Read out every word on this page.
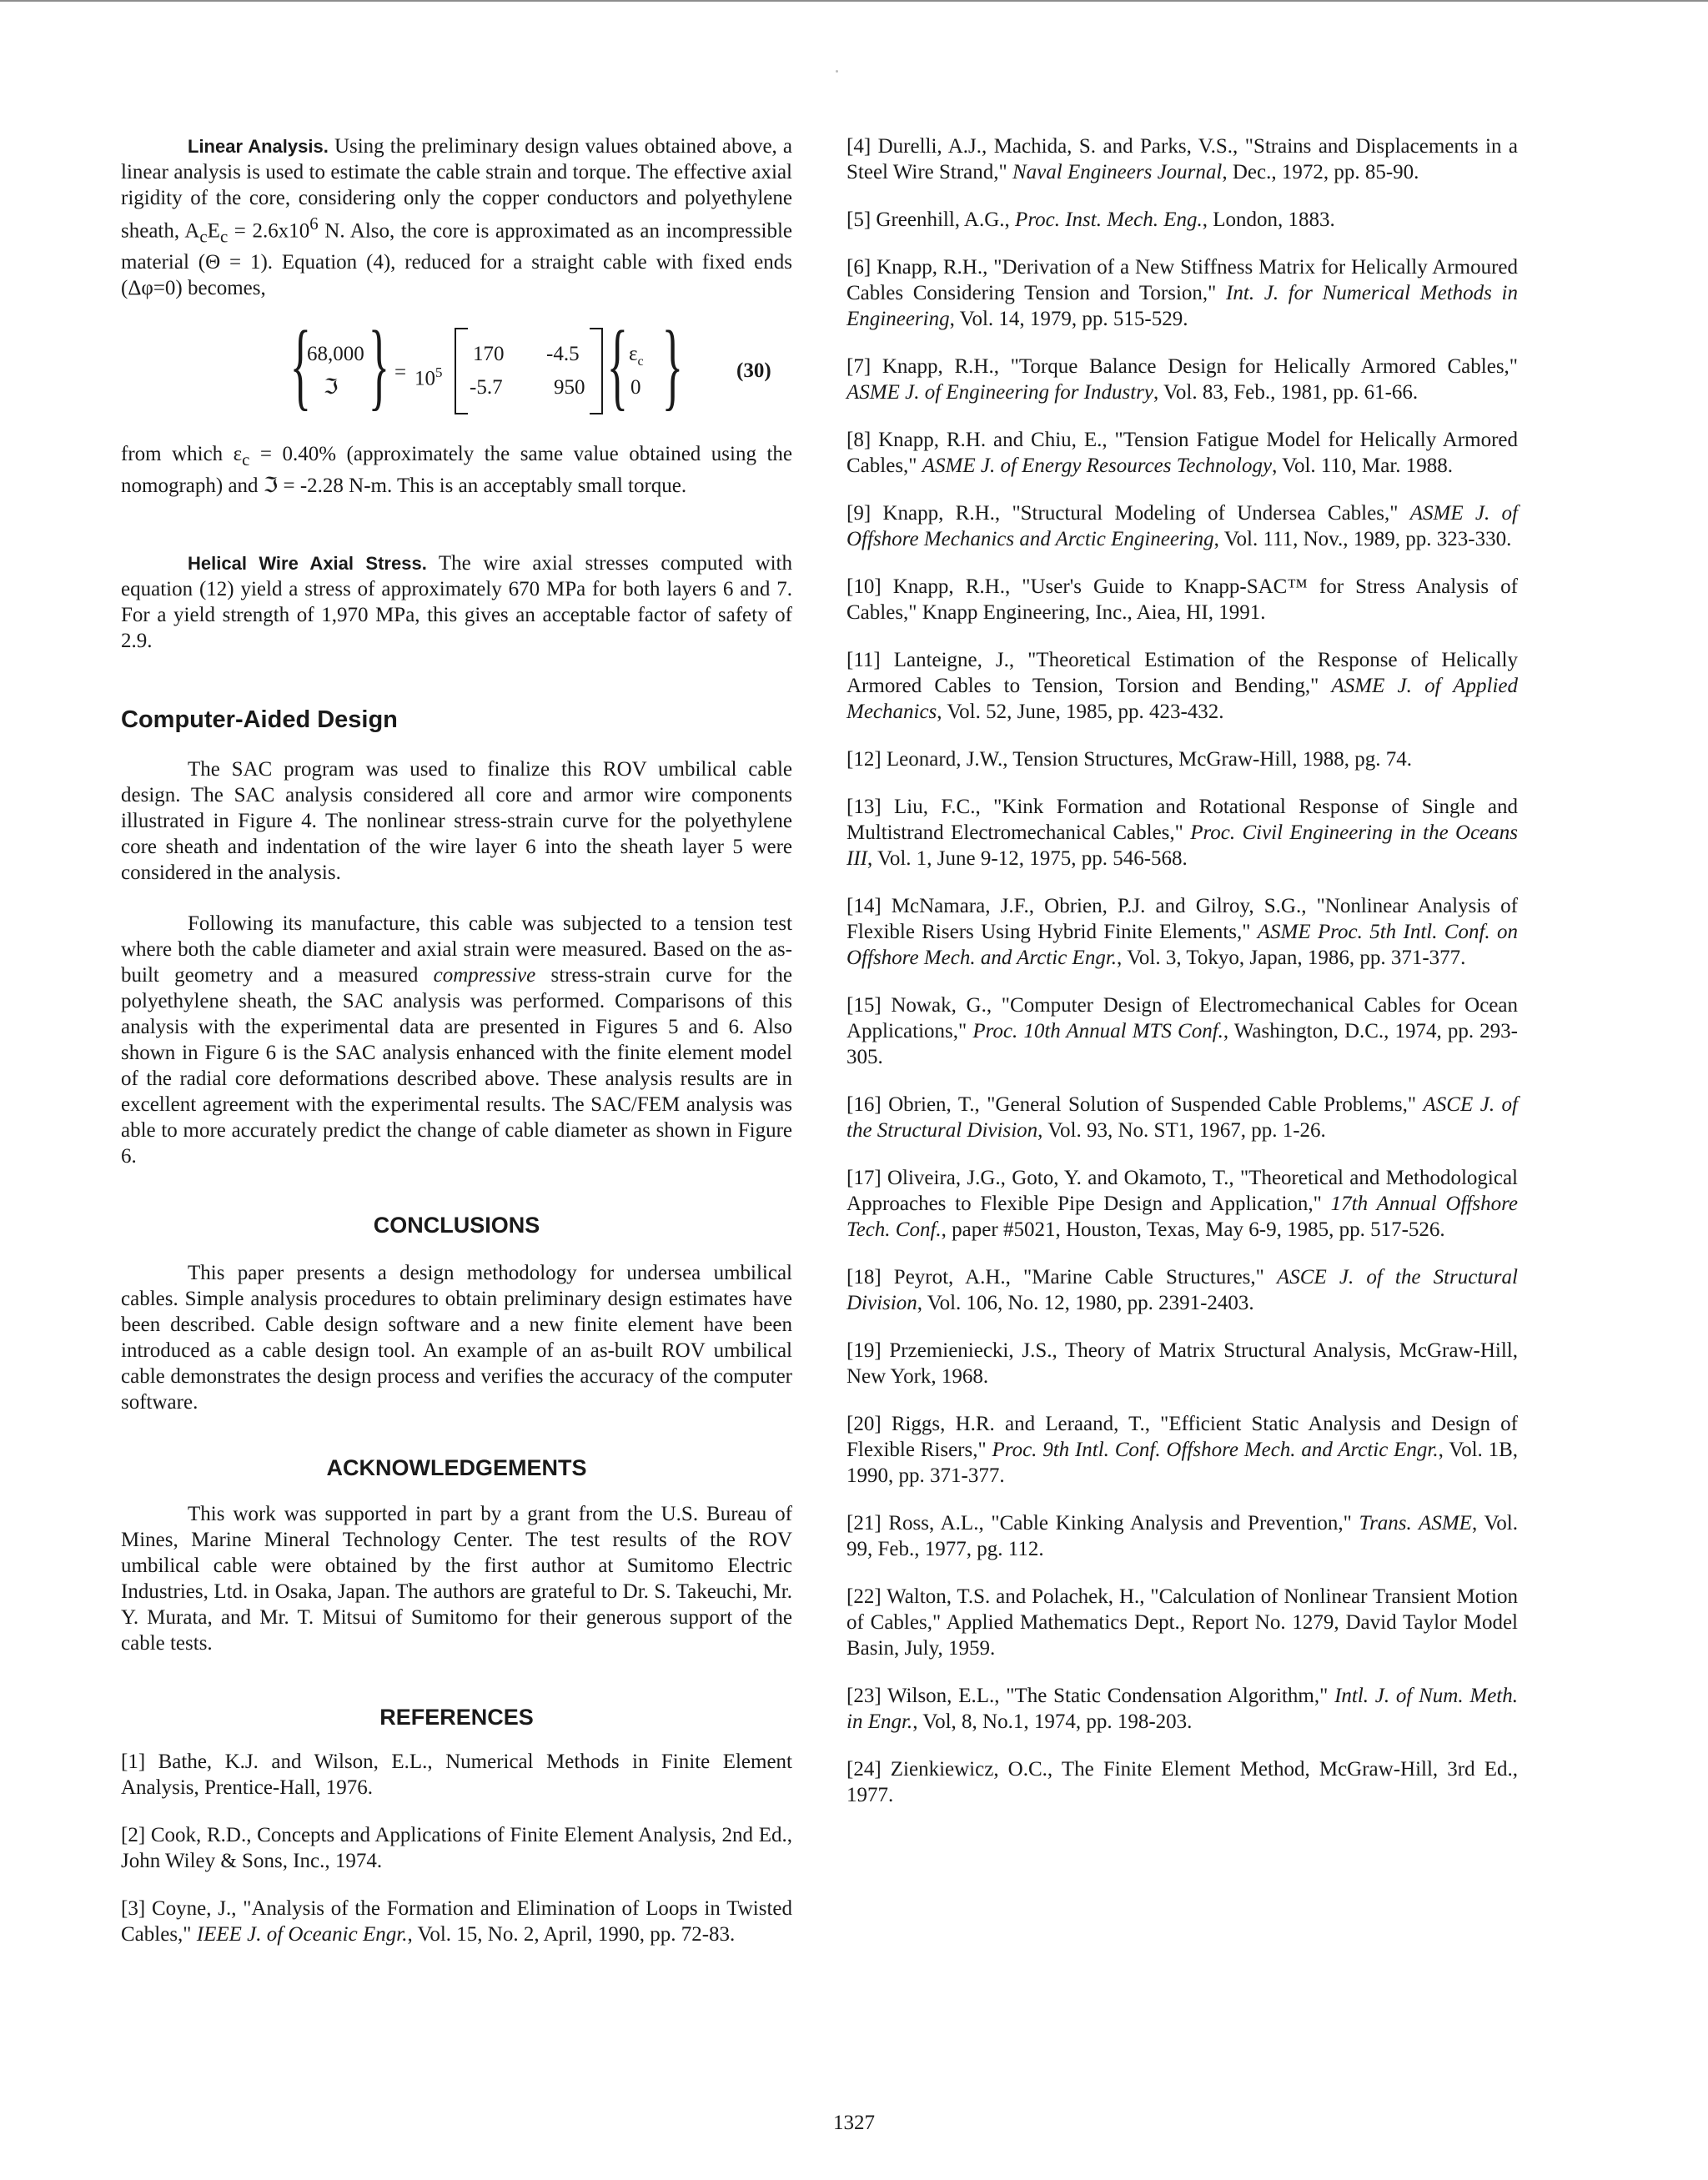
Linear Analysis. Using the preliminary design values obtained above, a linear analysis is used to estimate the cable strain and torque. The effective axial rigidity of the core, considering only the copper conductors and polyethylene sheath, $A_cE_c = 2.6x10^6$ N. Also, the core is approximated as an incompressible material (Θ = 1). Equation (4), reduced for a straight cable with fixed ends (Δφ=0) becomes,

{
68,000
ℑ } = $10^5$
170 -4.5
-5.7 950 { $\varepsilon_c$
0 }	(30)

from which $\varepsilon_c = 0.40\%$ (approximately the same value obtained using the nomograph) and ℑ = -2.28 N-m. This is an acceptably small torque.

Helical Wire Axial Stress. The wire axial stresses computed with equation (12) yield a stress of approximately 670 MPa for both layers 6 and 7. For a yield strength of 1,970 MPa, this gives an acceptable factor of safety of 2.9.

Computer-Aided Design

The SAC program was used to finalize this ROV umbilical cable design. The SAC analysis considered all core and armor wire components illustrated in Figure 4. The nonlinear stress-strain curve for the polyethylene core sheath and indentation of the wire layer 6 into the sheath layer 5 were considered in the analysis.

Following its manufacture, this cable was subjected to a tension test where both the cable diameter and axial strain were measured. Based on the as-built geometry and a measured compressive stress-strain curve for the polyethylene sheath, the SAC analysis was performed. Comparisons of this analysis with the experimental data are presented in Figures 5 and 6. Also shown in Figure 6 is the SAC analysis enhanced with the finite element model of the radial core deformations described above. These analysis results are in excellent agreement with the experimental results. The SAC/FEM analysis was able to more accurately predict the change of cable diameter as shown in Figure 6.

CONCLUSIONS

This paper presents a design methodology for undersea umbilical cables. Simple analysis procedures to obtain preliminary design estimates have been described. Cable design software and a new finite element have been introduced as a cable design tool. An example of an as-built ROV umbilical cable demonstrates the design process and verifies the accuracy of the computer software.

ACKNOWLEDGEMENTS

This work was supported in part by a grant from the U.S. Bureau of Mines, Marine Mineral Technology Center. The test results of the ROV umbilical cable were obtained by the first author at Sumitomo Electric Industries, Ltd. in Osaka, Japan. The authors are grateful to Dr. S. Takeuchi, Mr. Y. Murata, and Mr. T. Mitsui of Sumitomo for their generous support of the cable tests.

REFERENCES

[1] Bathe, K.J. and Wilson, E.L., Numerical Methods in Finite Element Analysis, Prentice-Hall, 1976.

[2] Cook, R.D., Concepts and Applications of Finite Element Analysis, 2nd Ed., John Wiley & Sons, Inc., 1974.

[3] Coyne, J., "Analysis of the Formation and Elimination of Loops in Twisted Cables," IEEE J. of Oceanic Engr., Vol. 15, No. 2, April, 1990, pp. 72-83.

[4] Durelli, A.J., Machida, S. and Parks, V.S., "Strains and Displacements in a Steel Wire Strand," Naval Engineers Journal, Dec., 1972, pp. 85-90.

[5] Greenhill, A.G., Proc. Inst. Mech. Eng., London, 1883.

[6] Knapp, R.H., "Derivation of a New Stiffness Matrix for Helically Armoured Cables Considering Tension and Torsion," Int. J. for Numerical Methods in Engineering, Vol. 14, 1979, pp. 515-529.

[7] Knapp, R.H., "Torque Balance Design for Helically Armored Cables," ASME J. of Engineering for Industry, Vol. 83, Feb., 1981, pp. 61-66.

[8] Knapp, R.H. and Chiu, E., "Tension Fatigue Model for Helically Armored Cables," ASME J. of Energy Resources Technology, Vol. 110, Mar. 1988.

[9] Knapp, R.H., "Structural Modeling of Undersea Cables," ASME J. of Offshore Mechanics and Arctic Engineering, Vol. 111, Nov., 1989, pp. 323-330.

[10] Knapp, R.H., "User's Guide to Knapp-SAC™ for Stress Analysis of Cables," Knapp Engineering, Inc., Aiea, HI, 1991.

[11] Lanteigne, J., "Theoretical Estimation of the Response of Helically Armored Cables to Tension, Torsion and Bending," ASME J. of Applied Mechanics, Vol. 52, June, 1985, pp. 423-432.

[12] Leonard, J.W., Tension Structures, McGraw-Hill, 1988, pg. 74.

[13] Liu, F.C., "Kink Formation and Rotational Response of Single and Multistrand Electromechanical Cables," Proc. Civil Engineering in the Oceans III, Vol. 1, June 9-12, 1975, pp. 546-568.

[14] McNamara, J.F., Obrien, P.J. and Gilroy, S.G., "Nonlinear Analysis of Flexible Risers Using Hybrid Finite Elements," ASME Proc. 5th Intl. Conf. on Offshore Mech. and Arctic Engr., Vol. 3, Tokyo, Japan, 1986, pp. 371-377.

[15] Nowak, G., "Computer Design of Electromechanical Cables for Ocean Applications," Proc. 10th Annual MTS Conf., Washington, D.C., 1974, pp. 293-305.

[16] Obrien, T., "General Solution of Suspended Cable Problems," ASCE J. of the Structural Division, Vol. 93, No. ST1, 1967, pp. 1-26.

[17] Oliveira, J.G., Goto, Y. and Okamoto, T., "Theoretical and Methodological Approaches to Flexible Pipe Design and Application," 17th Annual Offshore Tech. Conf., paper #5021, Houston, Texas, May 6-9, 1985, pp. 517-526.

[18] Peyrot, A.H., "Marine Cable Structures," ASCE J. of the Structural Division, Vol. 106, No. 12, 1980, pp. 2391-2403.

[19] Przemieniecki, J.S., Theory of Matrix Structural Analysis, McGraw-Hill, New York, 1968.

[20] Riggs, H.R. and Leraand, T., "Efficient Static Analysis and Design of Flexible Risers," Proc. 9th Intl. Conf. Offshore Mech. and Arctic Engr., Vol. 1B, 1990, pp. 371-377.

[21] Ross, A.L., "Cable Kinking Analysis and Prevention," Trans. ASME, Vol. 99, Feb., 1977, pg. 112.

[22] Walton, T.S. and Polachek, H., "Calculation of Nonlinear Transient Motion of Cables," Applied Mathematics Dept., Report No. 1279, David Taylor Model Basin, July, 1959.

[23] Wilson, E.L., "The Static Condensation Algorithm," Intl. J. of Num. Meth. in Engr., Vol, 8, No.1, 1974, pp. 198-203.

[24] Zienkiewicz, O.C., The Finite Element Method, McGraw-Hill, 3rd Ed., 1977.

1327
